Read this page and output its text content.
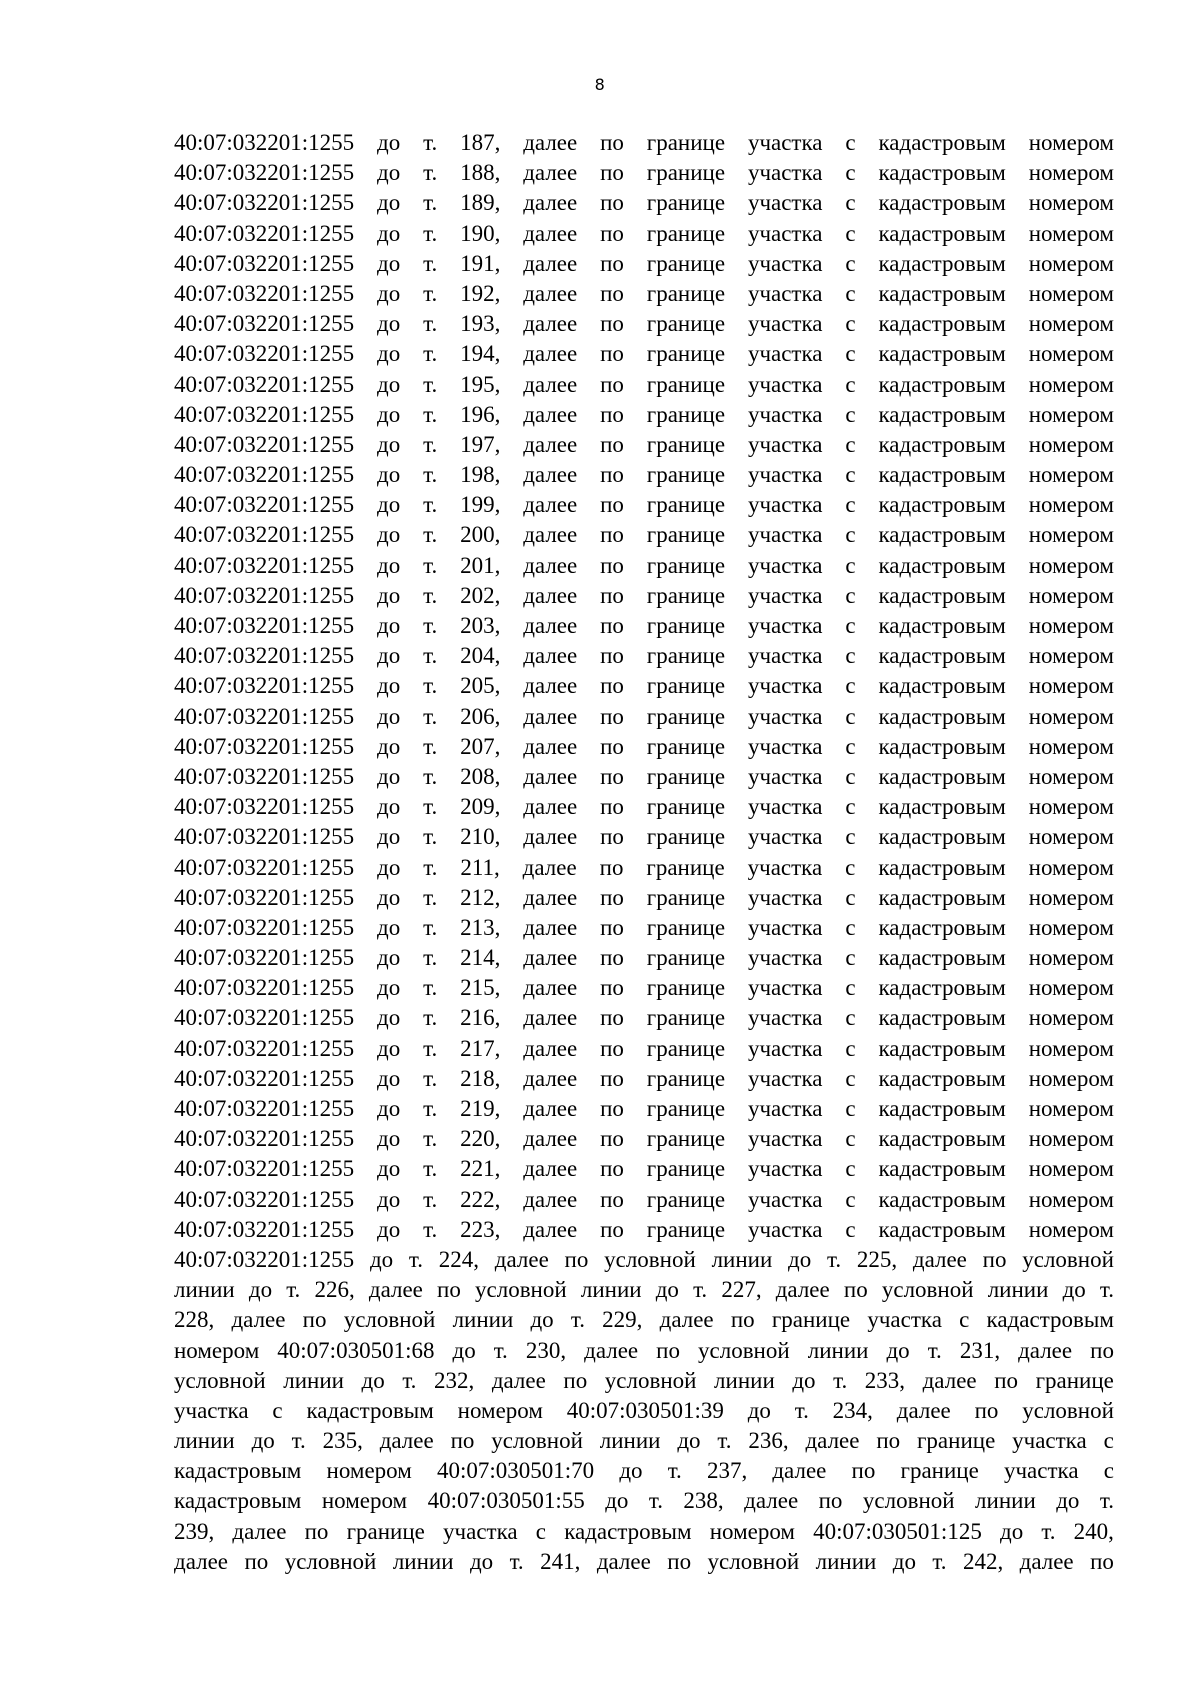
8
40:07:032201:1255 до т. 187, далее по границе участка с кадастровым номером
40:07:032201:1255 до т. 188, далее по границе участка с кадастровым номером
40:07:032201:1255 до т. 189, далее по границе участка с кадастровым номером
40:07:032201:1255 до т. 190, далее по границе участка с кадастровым номером
40:07:032201:1255 до т. 191, далее по границе участка с кадастровым номером
40:07:032201:1255 до т. 192, далее по границе участка с кадастровым номером
40:07:032201:1255 до т. 193, далее по границе участка с кадастровым номером
40:07:032201:1255 до т. 194, далее по границе участка с кадастровым номером
40:07:032201:1255 до т. 195, далее по границе участка с кадастровым номером
40:07:032201:1255 до т. 196, далее по границе участка с кадастровым номером
40:07:032201:1255 до т. 197, далее по границе участка с кадастровым номером
40:07:032201:1255 до т. 198, далее по границе участка с кадастровым номером
40:07:032201:1255 до т. 199, далее по границе участка с кадастровым номером
40:07:032201:1255 до т. 200, далее по границе участка с кадастровым номером
40:07:032201:1255 до т. 201, далее по границе участка с кадастровым номером
40:07:032201:1255 до т. 202, далее по границе участка с кадастровым номером
40:07:032201:1255 до т. 203, далее по границе участка с кадастровым номером
40:07:032201:1255 до т. 204, далее по границе участка с кадастровым номером
40:07:032201:1255 до т. 205, далее по границе участка с кадастровым номером
40:07:032201:1255 до т. 206, далее по границе участка с кадастровым номером
40:07:032201:1255 до т. 207, далее по границе участка с кадастровым номером
40:07:032201:1255 до т. 208, далее по границе участка с кадастровым номером
40:07:032201:1255 до т. 209, далее по границе участка с кадастровым номером
40:07:032201:1255 до т. 210, далее по границе участка с кадастровым номером
40:07:032201:1255 до т. 211, далее по границе участка с кадастровым номером
40:07:032201:1255 до т. 212, далее по границе участка с кадастровым номером
40:07:032201:1255 до т. 213, далее по границе участка с кадастровым номером
40:07:032201:1255 до т. 214, далее по границе участка с кадастровым номером
40:07:032201:1255 до т. 215, далее по границе участка с кадастровым номером
40:07:032201:1255 до т. 216, далее по границе участка с кадастровым номером
40:07:032201:1255 до т. 217, далее по границе участка с кадастровым номером
40:07:032201:1255 до т. 218, далее по границе участка с кадастровым номером
40:07:032201:1255 до т. 219, далее по границе участка с кадастровым номером
40:07:032201:1255 до т. 220, далее по границе участка с кадастровым номером
40:07:032201:1255 до т. 221, далее по границе участка с кадастровым номером
40:07:032201:1255 до т. 222, далее по границе участка с кадастровым номером
40:07:032201:1255 до т. 223, далее по границе участка с кадастровым номером
40:07:032201:1255 до т. 224, далее по условной линии до т. 225, далее по условной
линии до т. 226, далее по условной линии до т. 227, далее по условной линии до т.
228, далее по условной линии до т. 229, далее по границе участка с кадастровым
номером 40:07:030501:68 до т. 230, далее по условной линии до т. 231, далее по
условной линии до т. 232, далее по условной линии до т. 233, далее по границе
участка с кадастровым номером 40:07:030501:39 до т. 234, далее по условной
линии до т. 235, далее по условной линии до т. 236, далее по границе участка с
кадастровым номером 40:07:030501:70 до т. 237, далее по границе участка с
кадастровым номером 40:07:030501:55 до т. 238, далее по условной линии до т.
239, далее по границе участка с кадастровым номером 40:07:030501:125 до т. 240,
далее по условной линии до т. 241, далее по условной линии до т. 242, далее по
